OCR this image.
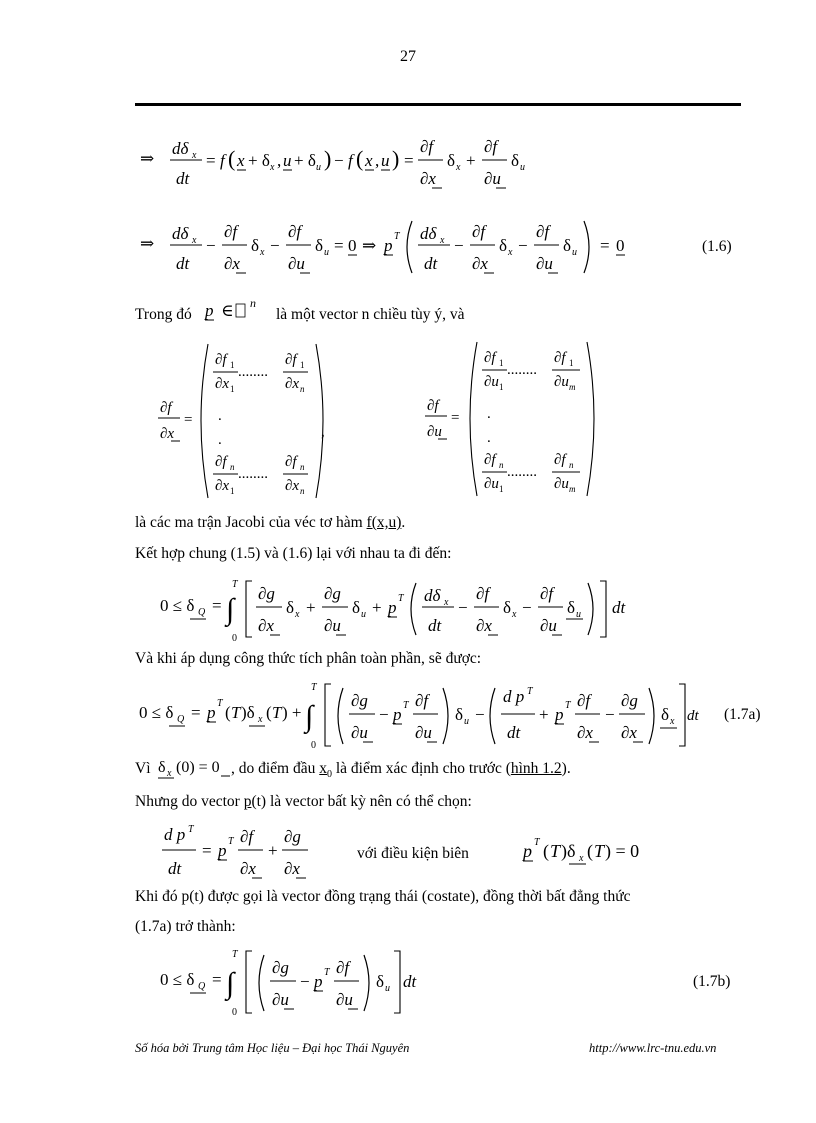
27
⇒
dδ x
dt
= f ( x + δ x , u + δ u ) − f ( x , u ) =
∂f
∂x
δ x +
∂f
∂u
δ u
⇒
dδ x
dt
−
∂f
∂x
δ x −
∂f
∂u
δ u = 0 ⇒ p T dδ x
dt
−
∂f
∂x
δ x −
∂f
∂u
δ u = 0	(1.6)
Trong đó p ∈ n
là một vector n chiều tùy ý, và
∂f
∂x
=
∂f 1
∂x 1
........
∂f 1
∂x n
.
.
∂f n
∂x 1
........
∂f n
∂x n
,
∂f
∂u
=
∂f 1
∂u 1
........
∂f 1
∂u m
.
.
∂f n
∂u 1
........
∂f n
∂u m
là các ma trận Jacobi của véc tơ hàm f(x,u).
Kết hợp chung (1.5) và (1.6) lại với nhau ta đi đến:
0 ≤ δ Q =
T
∫
0
∂g
∂x
δ x +
∂g
∂u
δ u + p T dδ x
dt
−
∂f
∂x
δ x −
∂f
∂u
δ u dt
Và khi áp dụng công thức tích phân toàn phần, sẽ được:
0 ≤ δ Q = p T ( T )δ x ( T ) +
T
∫
0
∂g
∂u
− p T ∂f
∂u
δ u −
d p T
dt
+ p T ∂f
∂x
−
∂g
∂x
δ x dt (1.7a)
Vì δ x (0) = 0 , do điểm đầu $x_0$ là điểm xác định cho trước (hình 1.2).
Nhưng do vector p(t) là vector bất kỳ nên có thể chọn:
d p T
dt
= p T ∂f
∂x
+
∂g
∂x
với điều kiện biên	p T ( T )δ x ( T ) = 0
Khi đó p(t) được gọi là vector đồng trạng thái (costate), đồng thời bất đẳng thức
(1.7a) trở thành:
0 ≤ δ Q =
T
∫
0
∂g
∂u
− p T ∂f
∂u
δ u dt	(1.7b)
Số hóa bởi Trung tâm Học liệu – Đại học Thái Nguyên	http://www.lrc-tnu.edu.vn
